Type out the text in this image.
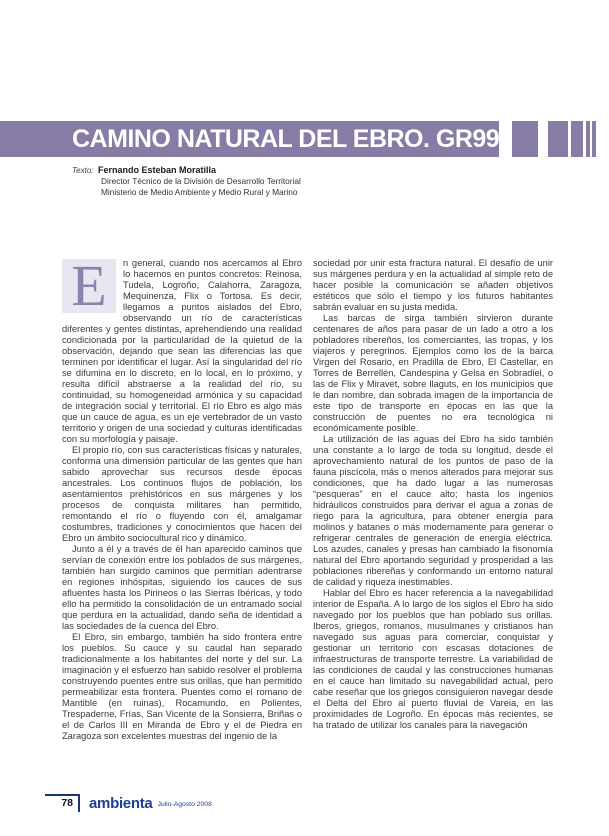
CAMINO NATURAL DEL EBRO. GR99
Texto: Fernando Esteban Moratilla
Director Técnico de la División de Desarrollo Territorial
Ministerio de Medio Ambiente y Medio Rural y Marino

E	n general, cuando nos acercamos al Ebro lo hacemos en puntos concretos: Reinosa, Tudela, Logroño, Calahorra, Zaragoza, Mequinenza, Flix o Tortosa. Es decir, llegamos a puntos aislados del Ebro, observando un río de características diferentes y gentes distintas, aprehendiendo una realidad condicionada por la particularidad de la quietud de la observación, dejando que sean las diferencias las que terminen por identificar el lugar. Así la singularidad del río se difumina en lo discreto, en lo local, en lo próximo, y resulta difícil abstraerse a la realidad del río, su continuidad, su homogeneidad armónica y su capacidad de integración social y territorial. El río Ebro es algo más que un cauce de agua, es un eje vertebrador de un vasto territorio y origen de una sociedad y culturas identificadas con su morfología y paisaje.

El propio río, con sus características físicas y naturales, conforma una dimensión particular de las gentes que han sabido aprovechar sus recursos desde épocas ancestrales. Los continuos flujos de población, los asentamientos prehistóricos en sus márgenes y los procesos de conquista militares han permitido, remontando el río o fluyendo con él, amalgamar costumbres, tradiciones y conocimientos que hacen del Ebro un ámbito sociocultural rico y dinámico.

Junto a él y a través de él han aparecido caminos que servían de conexión entre los poblados de sus márgenes, también han surgido caminos que permitían adentrarse en regiones inhóspitas, siguiendo los cauces de sus afluentes hasta los Pirineos o las Sierras Ibéricas, y todo ello ha permitido la consolidación de un entramado social que perdura en la actualidad, dando seña de identidad a las sociedades de la cuenca del Ebro.

El Ebro, sin embargo, también ha sido frontera entre los pueblos. Su cauce y su caudal han separado tradicionalmente a los habitantes del norte y del sur. La imaginación y el esfuerzo han sabido resolver el problema construyendo puentes entre sus orillas, que han permitido permeabilizar esta frontera. Puentes como el romano de Mantible (en ruinas), Rocamundo, en Polientes, Trespaderne, Frías, San Vicente de la Sonsierra, Briñas o el de Carlos III en Miranda de Ebro y el de Piedra en Zaragoza son excelentes muestras del ingenio de la

sociedad por unir esta fractura natural. El desafío de unir sus márgenes perdura y en la actualidad al simple reto de hacer posible la comunicación se añaden objetivos estéticos que sólo el tiempo y los futuros habitantes sabrán evaluar en su justa medida.

Las barcas de sirga también sirvieron durante centenares de años para pasar de un lado a otro a los pobladores ribereños, los comerciantes, las tropas, y los viajeros y peregrinos. Ejemplos como los de la barca Virgen del Rosario, en Pradilla de Ebro, El Castellar, en Torres de Berrellén, Candespina y Gelsa en Sobradiel, o las de Flix y Miravet, sobre llaguts, en los municipios que le dan nombre, dan sobrada imagen de la importancia de este tipo de transporte en épocas en las que la construcción de puentes no era tecnológica ni económicamente posible.

La utilización de las aguas del Ebro ha sido también una constante a lo largo de toda su longitud, desde el aprovechamiento natural de los puntos de paso de la fauna piscícola, más o menos alterados para mejorar sus condiciones, que ha dado lugar a las numerosas “pesqueras” en el cauce alto; hasta los ingenios hidráulicos construidos para derivar el agua a zonas de riego para la agricultura, para obtener energía para molinos y batanes o más modernamente para generar o refrigerar centrales de generación de energía eléctrica. Los azudes, canales y presas han cambiado la fisonomía natural del Ebro aportando seguridad y prosperidad a las poblaciones ribereñas y conformando un entorno natural de calidad y riqueza inestimables.

Hablar del Ebro es hacer referencia a la navegabilidad interior de España. A lo largo de los siglos el Ebro ha sido navegado por los pueblos que han poblado sus orillas. Iberos, griegos, romanos, musulmanes y cristianos han navegado sus aguas para comerciar, conquistar y gestionar un territorio con escasas dotaciones de infraestructuras de transporte terrestre. La variabilidad de las condiciones de caudal y las construcciones humanas en el cauce han limitado su navegabilidad actual, pero cabe reseñar que los griegos consiguieron navegar desde el Delta del Ebro al puerto fluvial de Vareia, en las proximidades de Logroño. En épocas más recientes, se ha tratado de utilizar los canales para la navegación

78	ambienta Julio-Agosto 2008
